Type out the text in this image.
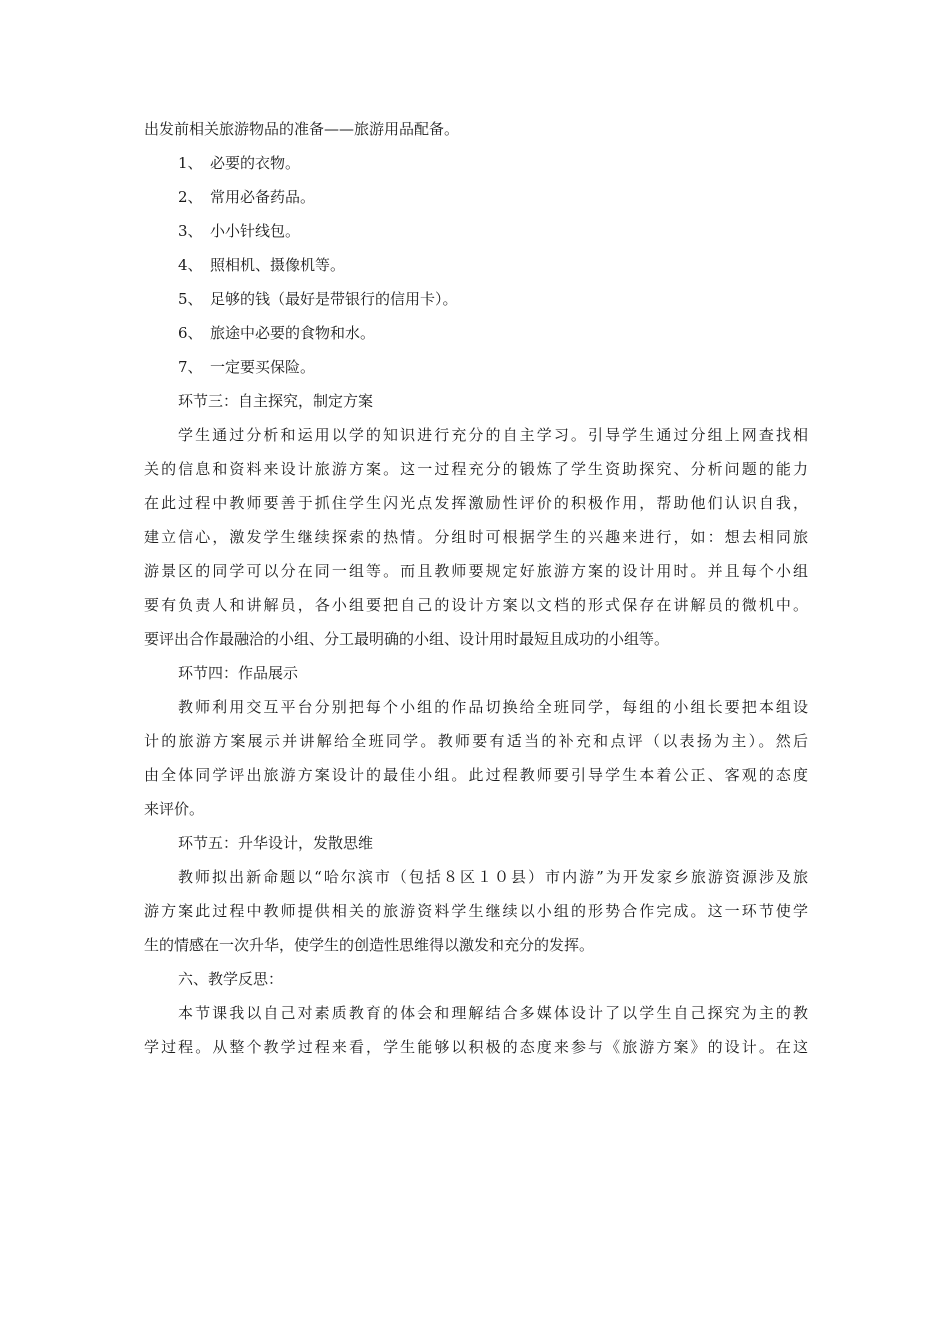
出发前相关旅游物品的准备——旅游用品配备。
1、 必要的衣物。
2、 常用必备药品。
3、 小小针线包。
4、 照相机、摄像机等。
5、 足够的钱（最好是带银行的信用卡）。
6、 旅途中必要的食物和水。
7、 一定要买保险。
环节三：自主探究，制定方案
学生通过分析和运用以学的知识进行充分的自主学习。引导学生通过分组上网查找相
关的信息和资料来设计旅游方案。这一过程充分的锻炼了学生资助探究、分析问题的能力
在此过程中教师要善于抓住学生闪光点发挥激励性评价的积极作用，帮助他们认识自我，
建立信心，激发学生继续探索的热情。分组时可根据学生的兴趣来进行，如：想去相同旅
游景区的同学可以分在同一组等。而且教师要规定好旅游方案的设计用时。并且每个小组
要有负责人和讲解员，各小组要把自己的设计方案以文档的形式保存在讲解员的微机中。
要评出合作最融洽的小组、分工最明确的小组、设计用时最短且成功的小组等。
环节四：作品展示
教师利用交互平台分别把每个小组的作品切换给全班同学，每组的小组长要把本组设
计的旅游方案展示并讲解给全班同学。教师要有适当的补充和点评（以表扬为主）。然后
由全体同学评出旅游方案设计的最佳小组。此过程教师要引导学生本着公正、客观的态度
来评价。
环节五：升华设计，发散思维
教师拟出新命题以“哈尔滨市（包括８区１０县）市内游”为开发家乡旅游资源涉及旅
游方案此过程中教师提供相关的旅游资料学生继续以小组的形势合作完成。这一环节使学
生的情感在一次升华，使学生的创造性思维得以激发和充分的发挥。
六、教学反思：
本节课我以自己对素质教育的体会和理解结合多媒体设计了以学生自己探究为主的教
学过程。从整个教学过程来看，学生能够以积极的态度来参与《旅游方案》的设计。在这
